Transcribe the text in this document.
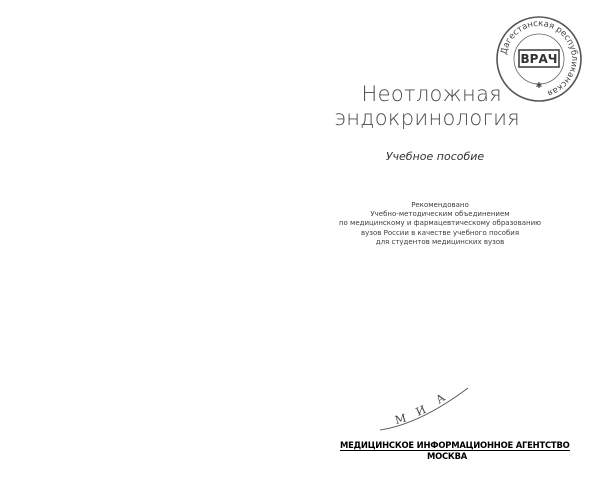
Дагестанская республиканская
ВРАЧ
✱
Неотложная
эндокринология
Учебное пособие
Рекомендовано
Учебно-методическим объединением
по медицинскому и фармацевтическому образованию
вузов России в качестве учебного пособия
для студентов медицинских вузов
М
И
А
МЕДИЦИНСКОЕ ИНФОРМАЦИОННОЕ АГЕНТСТВО
МОСКВА
